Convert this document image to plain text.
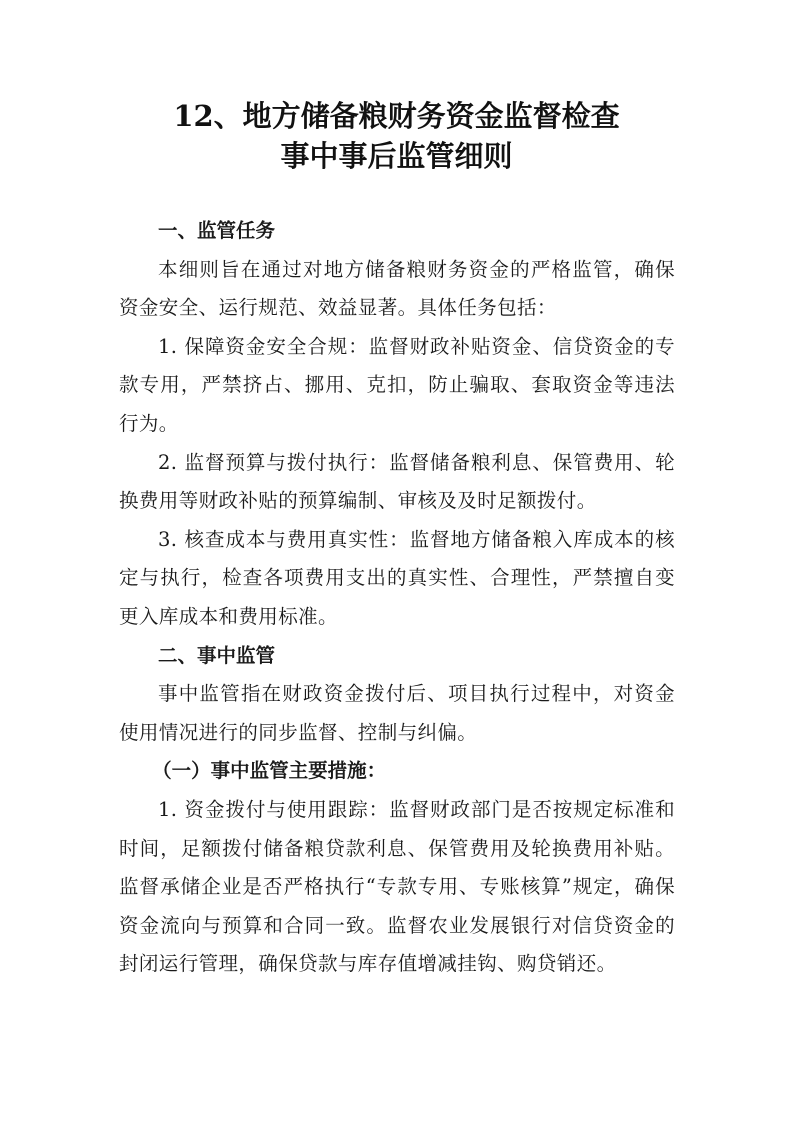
12、地方储备粮财务资金监督检查
事中事后监管细则

一、监管任务

本细则旨在通过对地方储备粮财务资金的严格监管，确保资金安全、运行规范、效益显著。具体任务包括：

1. 保障资金安全合规：监督财政补贴资金、信贷资金的专款专用，严禁挤占、挪用、克扣，防止骗取、套取资金等违法行为。

2. 监督预算与拨付执行：监督储备粮利息、保管费用、轮换费用等财政补贴的预算编制、审核及及时足额拨付。

3. 核查成本与费用真实性：监督地方储备粮入库成本的核定与执行，检查各项费用支出的真实性、合理性，严禁擅自变更入库成本和费用标准。

二、事中监管

事中监管指在财政资金拨付后、项目执行过程中，对资金使用情况进行的同步监督、控制与纠偏。

（一）事中监管主要措施：

1. 资金拨付与使用跟踪：监督财政部门是否按规定标准和时间，足额拨付储备粮贷款利息、保管费用及轮换费用补贴。监督承储企业是否严格执行“专款专用、专账核算”规定，确保资金流向与预算和合同一致。监督农业发展银行对信贷资金的封闭运行管理，确保贷款与库存值增减挂钩、购贷销还。
